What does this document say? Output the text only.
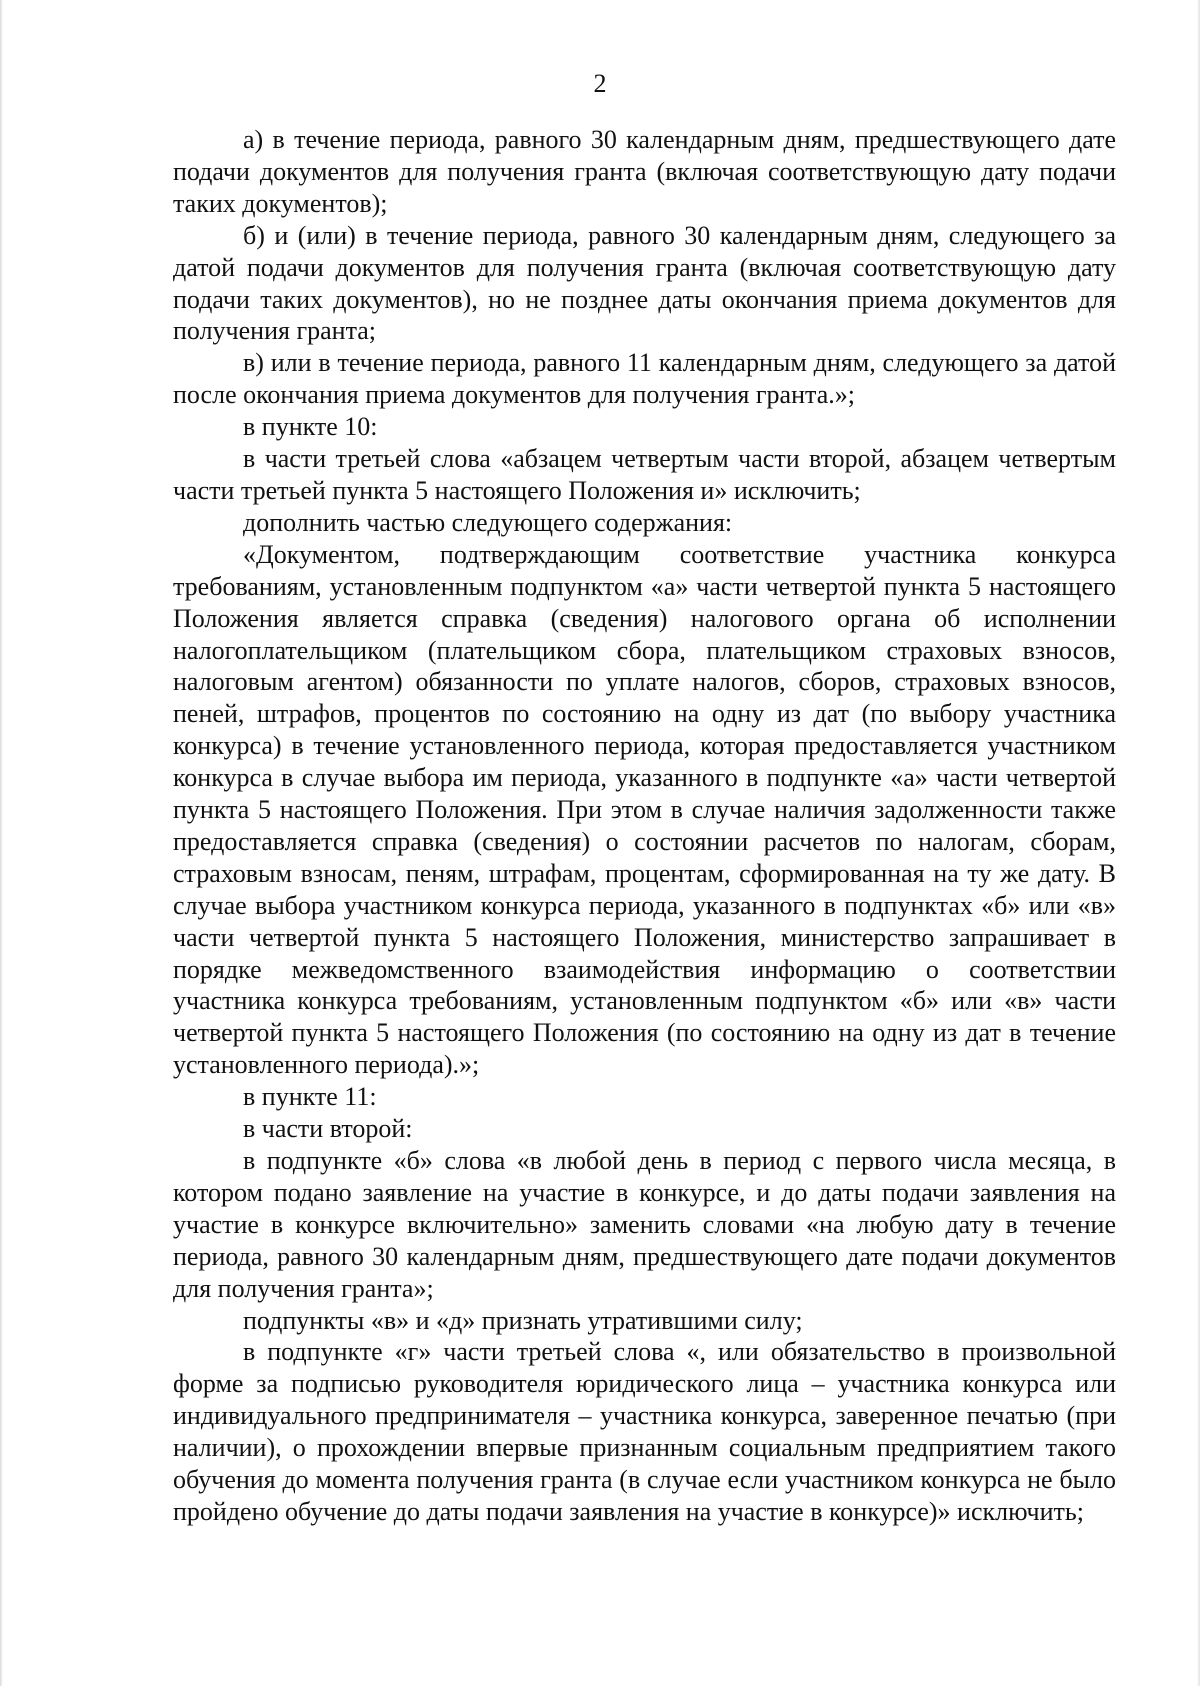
2

а) в течение периода, равного 30 календарным дням, предшествующего дате подачи документов для получения гранта (включая соответствующую дату подачи таких документов);

б) и (или) в течение периода, равного 30 календарным дням, следующего за датой подачи документов для получения гранта (включая соответствующую дату подачи таких документов), но не позднее даты окончания приема документов для получения гранта;

в) или в течение периода, равного 11 календарным дням, следующего за датой после окончания приема документов для получения гранта.»;

в пункте 10:

в части третьей слова «абзацем четвертым части второй, абзацем четвертым части третьей пункта 5 настоящего Положения и» исключить;

дополнить частью следующего содержания:

«Документом, подтверждающим соответствие участника конкурса требованиям, установленным подпунктом «а» части четвертой пункта 5 настоящего Положения является справка (сведения) налогового органа об исполнении налогоплательщиком (плательщиком сбора, плательщиком страховых взносов, налоговым агентом) обязанности по уплате налогов, сборов, страховых взносов, пеней, штрафов, процентов по состоянию на одну из дат (по выбору участника конкурса) в течение установленного периода, которая предоставляется участником конкурса в случае выбора им периода, указанного в подпункте «а» части четвертой пункта 5 настоящего Положения. При этом в случае наличия задолженности также предоставляется справка (сведения) о состоянии расчетов по налогам, сборам, страховым взносам, пеням, штрафам, процентам, сформированная на ту же дату. В случае выбора участником конкурса периода, указанного в подпунктах «б» или «в» части четвертой пункта 5 настоящего Положения, министерство запрашивает в порядке межведомственного взаимодействия информацию о соответствии участника конкурса требованиям, установленным подпунктом «б» или «в» части четвертой пункта 5 настоящего Положения (по состоянию на одну из дат в течение установленного периода).»;

в пункте 11:

в части второй:

в подпункте «б» слова «в любой день в период с первого числа месяца, в котором подано заявление на участие в конкурсе, и до даты подачи заявления на участие в конкурсе включительно» заменить словами «на любую дату в течение периода, равного 30 календарным дням, предшествующего дате подачи документов для получения гранта»;

подпункты «в» и «д» признать утратившими силу;

в подпункте «г» части третьей слова «, или обязательство в произвольной форме за подписью руководителя юридического лица – участника конкурса или индивидуального предпринимателя – участника конкурса, заверенное печатью (при наличии), о прохождении впервые признанным социальным предприятием такого обучения до момента получения гранта (в случае если участником конкурса не было пройдено обучение до даты подачи заявления на участие в конкурсе)» исключить;
